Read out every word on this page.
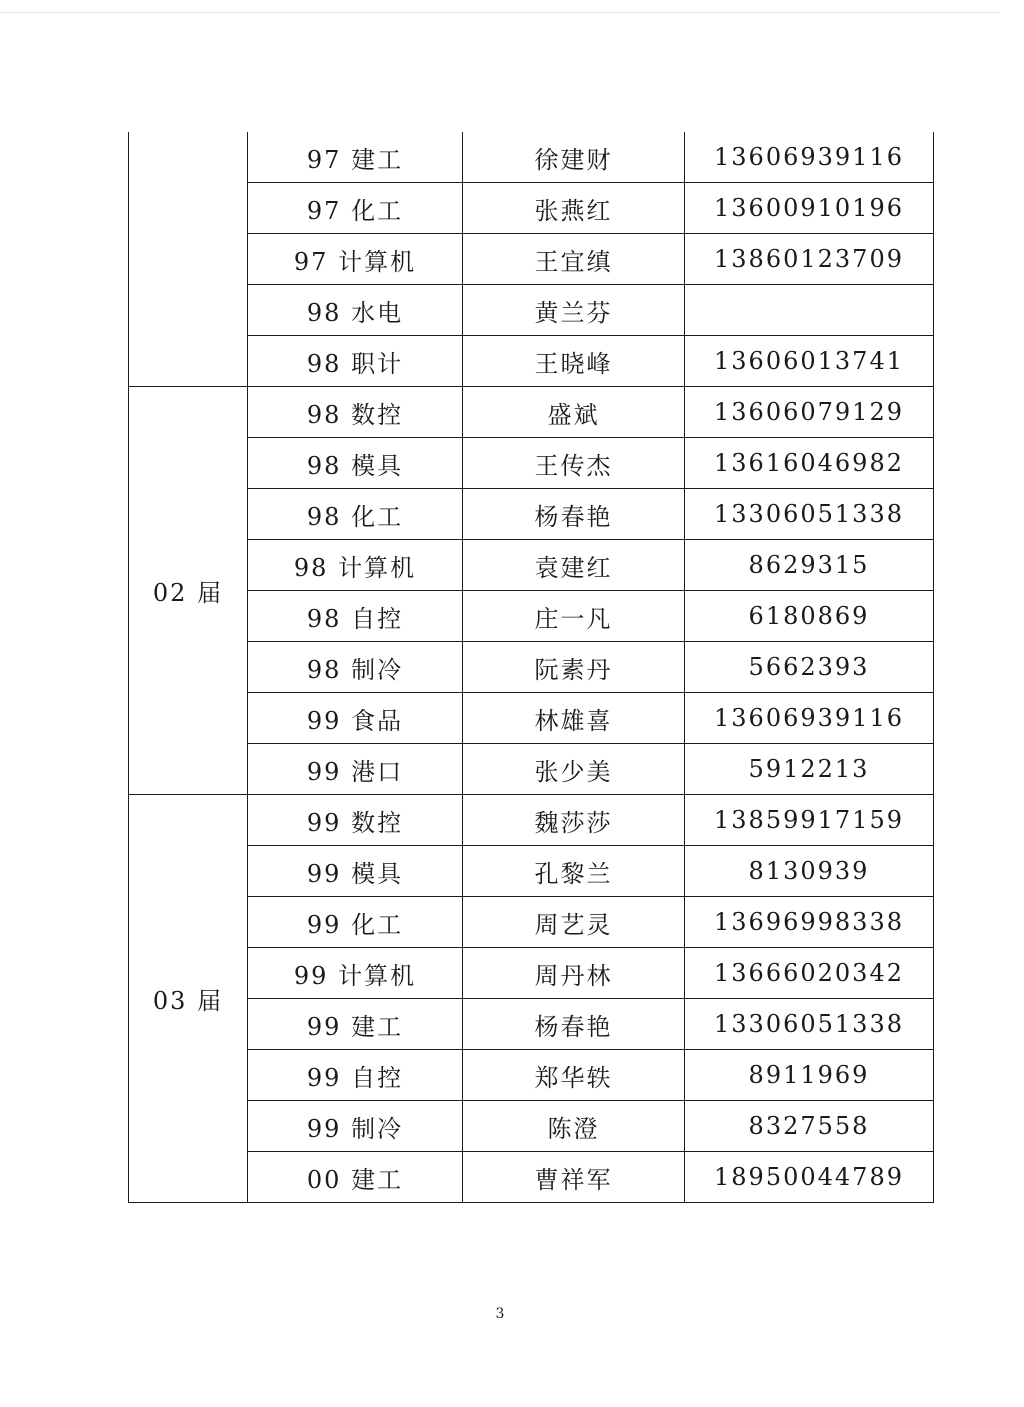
	97 建工	徐建财	13606939116
	97 化工	张燕红	13600910196
	97 计算机	王宜缜	13860123709
	98 水电	黄兰芬	
	98 职计	王晓峰	13606013741
02 届	98 数控	盛斌	13606079129
	98 模具	王传杰	13616046982
	98 化工	杨春艳	13306051338
	98 计算机	袁建红	8629315
	98 自控	庄一凡	6180869
	98 制冷	阮素丹	5662393
	99 食品	林雄喜	13606939116
	99 港口	张少美	5912213
03 届	99 数控	魏莎莎	13859917159
	99 模具	孔黎兰	8130939
	99 化工	周艺灵	13696998338
	99 计算机	周丹林	13666020342
	99 建工	杨春艳	13306051338
	99 自控	郑华轶	8911969
	99 制冷	陈澄	8327558
	00 建工	曹祥军	18950044789
3
